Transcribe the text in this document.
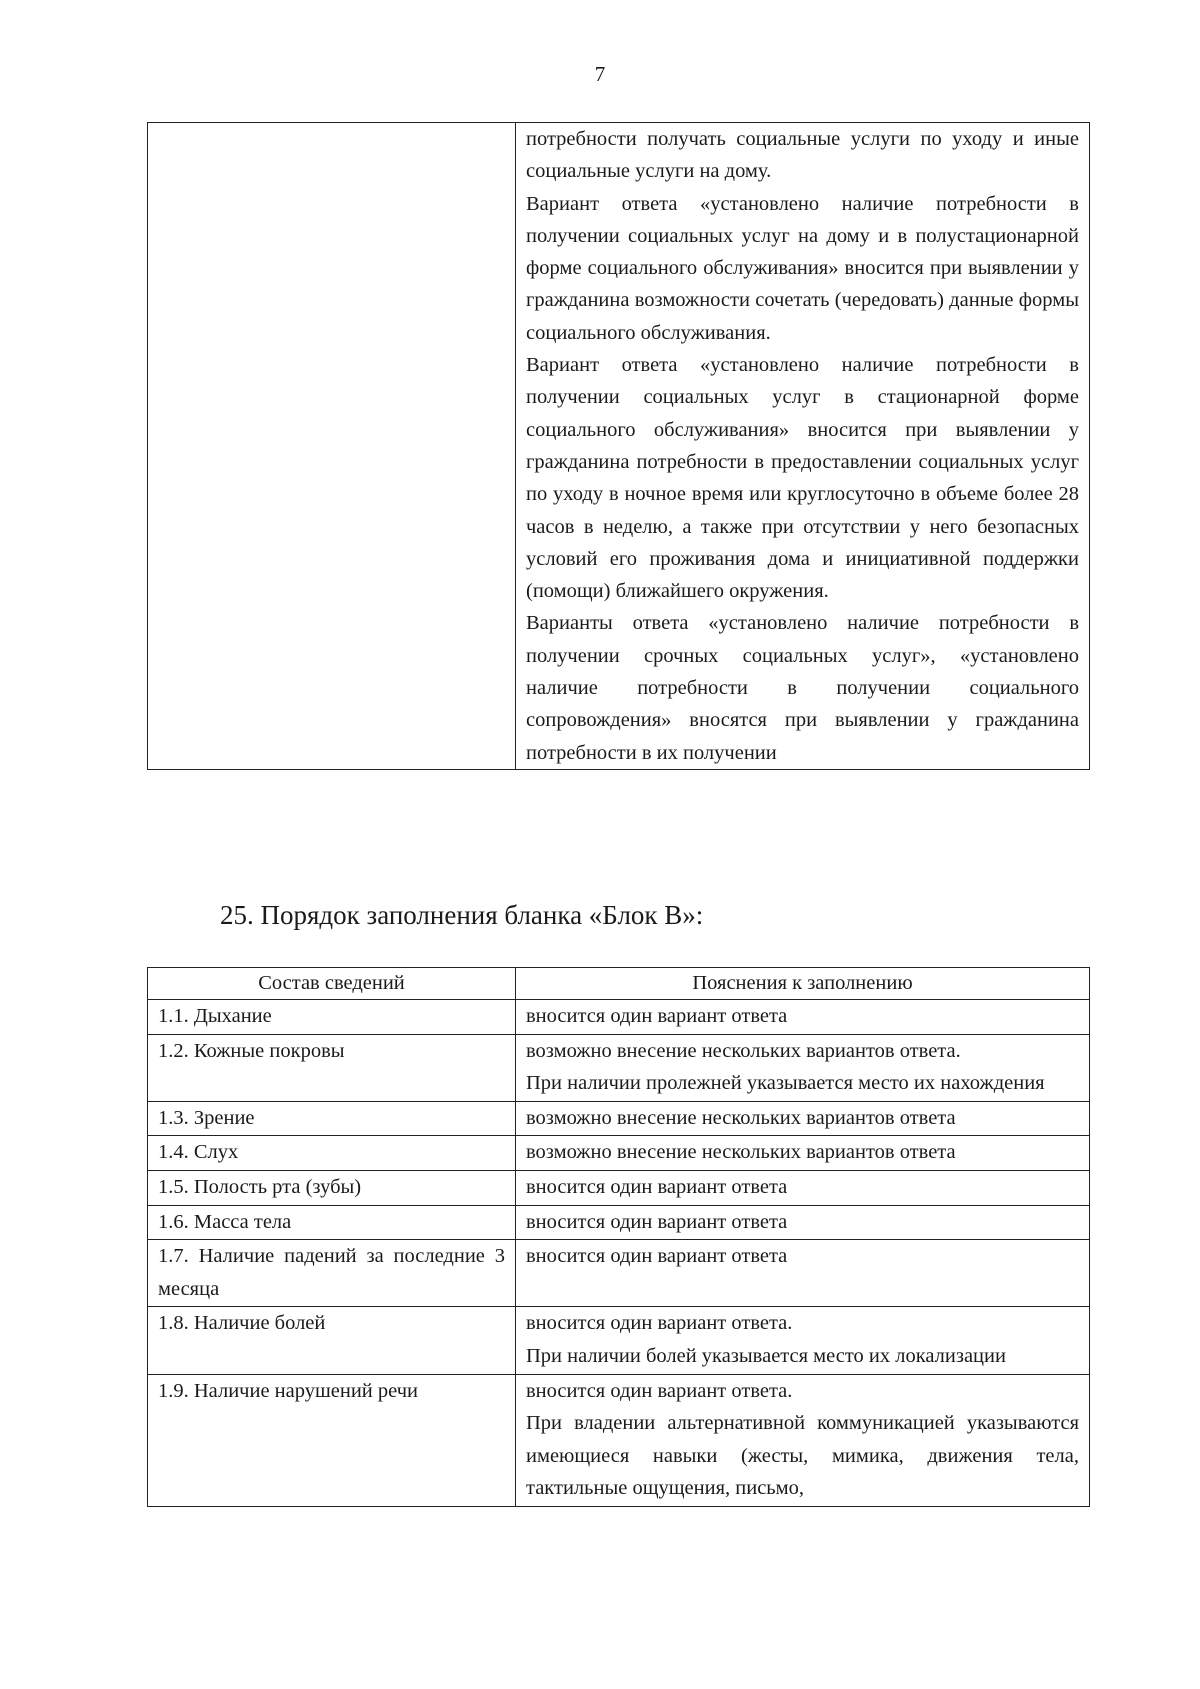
7

потребности получать социальные услуги по уходу и иные социальные услуги на дому.

Вариант ответа «установлено наличие потребности в получении социальных услуг на дому и в полустационарной форме социального обслуживания» вносится при выявлении у гражданина возможности сочетать (чередовать) данные формы социального обслуживания.

Вариант ответа «установлено наличие потребности в получении социальных услуг в стационарной форме социального обслуживания» вносится при выявлении у гражданина потребности в предоставлении социальных услуг по уходу в ночное время или круглосуточно в объеме более 28 часов в неделю, а также при отсутствии у него безопасных условий его проживания дома и инициативной поддержки (помощи) ближайшего окружения.

Варианты ответа «установлено наличие потребности в получении срочных социальных услуг», «установлено наличие потребности в получении социального сопровождения» вносятся при выявлении у гражданина потребности в их получении

25. Порядок заполнения бланка «Блок В»:
Состав сведений	Пояснения к заполнению
1.1. Дыхание	вносится один вариант ответа

1.2. Кожные покровы	возможно внесение нескольких вариантов ответа.

При наличии пролежней указывается место их нахождения

1.3. Зрение	возможно внесение нескольких вариантов ответа

1.4. Слух	возможно внесение нескольких вариантов ответа

1.5. Полость рта (зубы)	вносится один вариант ответа

1.6. Масса тела	вносится один вариант ответа

1.7. Наличие падений за последние 3 месяца	вносится один вариант ответа

1.8. Наличие болей	вносится один вариант ответа.

При наличии болей указывается место их локализации

1.9. Наличие нарушений речи	вносится один вариант ответа.

При владении альтернативной коммуникацией указываются имеющиеся навыки (жесты, мимика, движения тела, тактильные ощущения, письмо,
